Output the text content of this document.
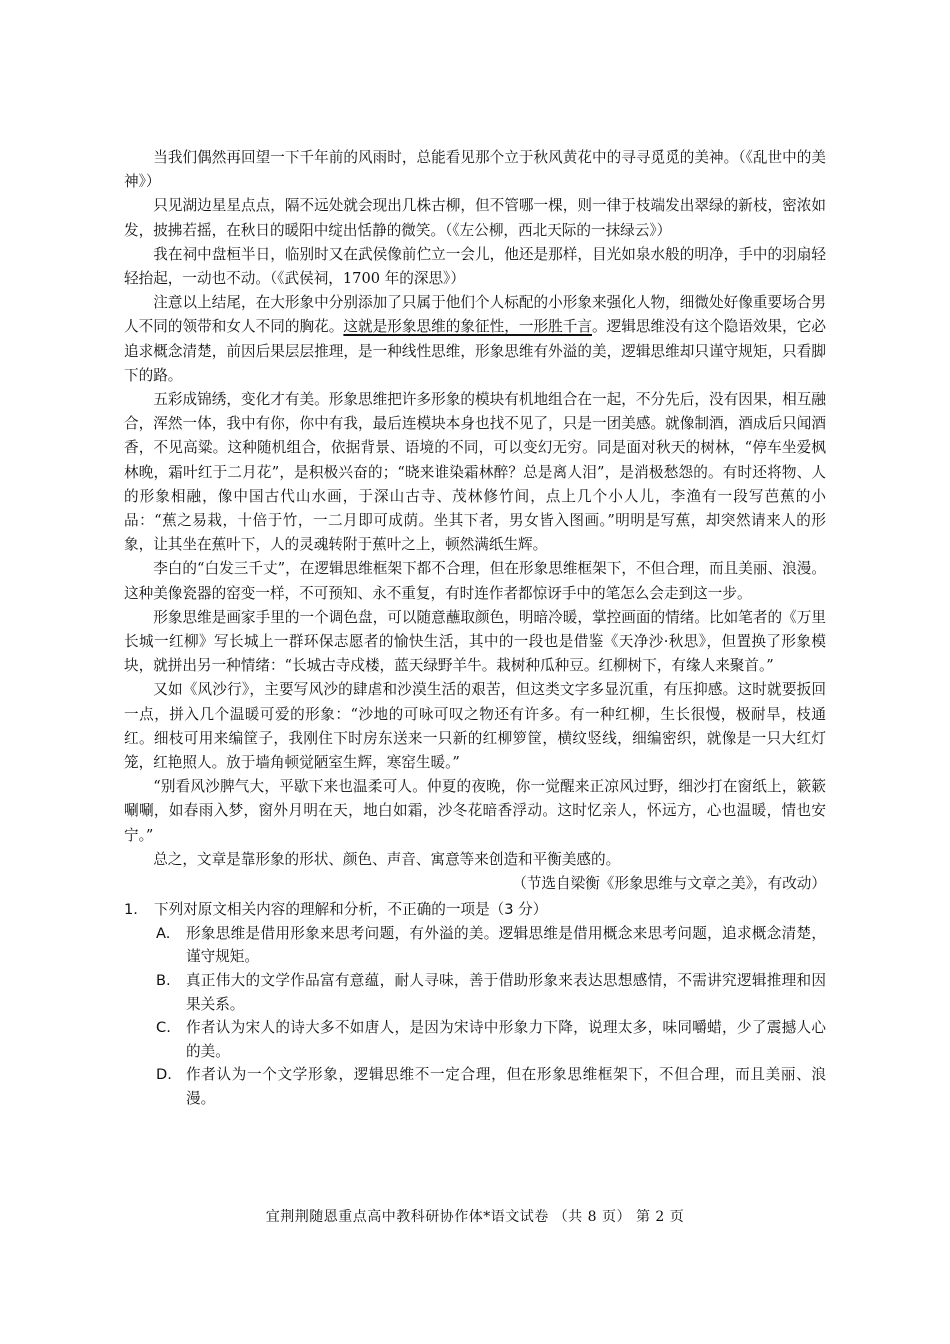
当我们偶然再回望一下千年前的风雨时，总能看见那个立于秋风黄花中的寻寻觅觅的美神。（《乱世中的美神》）

只见湖边星星点点，隔不远处就会现出几株古柳，但不管哪一棵，则一律于枝端发出翠绿的新枝，密浓如发，披拂若摇，在秋日的暖阳中绽出恬静的微笑。（《左公柳，西北天际的一抹绿云》）

我在祠中盘桓半日，临别时又在武侯像前伫立一会儿，他还是那样，目光如泉水般的明净，手中的羽扇轻轻抬起，一动也不动。（《武侯祠，1700 年的深思》）

注意以上结尾，在大形象中分别添加了只属于他们个人标配的小形象来强化人物，细微处好像重要场合男人不同的领带和女人不同的胸花。这就是形象思维的象征性，一形胜千言。逻辑思维没有这个隐语效果，它必追求概念清楚，前因后果层层推理，是一种线性思维，形象思维有外溢的美，逻辑思维却只谨守规矩，只看脚下的路。

五彩成锦绣，变化才有美。形象思维把许多形象的模块有机地组合在一起，不分先后，没有因果，相互融合，浑然一体，我中有你，你中有我，最后连模块本身也找不见了，只是一团美感。就像制酒，酒成后只闻酒香，不见高粱。这种随机组合，依据背景、语境的不同，可以变幻无穷。同是面对秋天的树林，“停车坐爱枫林晚，霜叶红于二月花”，是积极兴奋的；“晓来谁染霜林醉？总是离人泪”，是消极愁怨的。有时还将物、人的形象相融，像中国古代山水画，于深山古寺、茂林修竹间，点上几个小人儿，李渔有一段写芭蕉的小品：“蕉之易栽，十倍于竹，一二月即可成荫。坐其下者，男女皆入图画。”明明是写蕉，却突然请来人的形象，让其坐在蕉叶下，人的灵魂转附于蕉叶之上，顿然满纸生辉。

李白的“白发三千丈”，在逻辑思维框架下都不合理，但在形象思维框架下，不但合理，而且美丽、浪漫。这种美像瓷器的窑变一样，不可预知、永不重复，有时连作者都惊讶手中的笔怎么会走到这一步。

形象思维是画家手里的一个调色盘，可以随意蘸取颜色，明暗冷暖，掌控画面的情绪。比如笔者的《万里长城一红柳》写长城上一群环保志愿者的愉快生活，其中的一段也是借鉴《天净沙·秋思》，但置换了形象模块，就拼出另一种情绪：“长城古寺戍楼，蓝天绿野羊牛。栽树种瓜种豆。红柳树下，有缘人来聚首。”

又如《风沙行》，主要写风沙的肆虐和沙漠生活的艰苦，但这类文字多显沉重，有压抑感。这时就要扳回一点，拼入几个温暖可爱的形象：“沙地的可咏可叹之物还有许多。有一种红柳，生长很慢，极耐旱，枝通红。细枝可用来编筐子，我刚住下时房东送来一只新的红柳箩筐，横纹竖线，细编密织，就像是一只大红灯笼，红艳照人。放于墙角顿觉陋室生辉，寒窑生暖。”

“别看风沙脾气大，平歇下来也温柔可人。仲夏的夜晚，你一觉醒来正凉风过野，细沙打在窗纸上，簌簌唰唰，如春雨入梦，窗外月明在天，地白如霜，沙冬花暗香浮动。这时忆亲人，怀远方，心也温暖，情也安宁。”

总之，文章是靠形象的形状、颜色、声音、寓意等来创造和平衡美感的。

（节选自梁衡《形象思维与文章之美》，有改动）

1.	下列对原文相关内容的理解和分析，不正确的一项是（3 分）
A.	形象思维是借用形象来思考问题，有外溢的美。逻辑思维是借用概念来思考问题，追求概念清楚，谨守规矩。
B.	真正伟大的文学作品富有意蕴，耐人寻味，善于借助形象来表达思想感情，不需讲究逻辑推理和因果关系。
C.	作者认为宋人的诗大多不如唐人，是因为宋诗中形象力下降，说理太多，味同嚼蜡，少了震撼人心的美。
D. 作者认为一个文学形象，逻辑思维不一定合理，但在形象思维框架下，不但合理，而且美丽、浪漫。
宜荆荆随恩重点高中教科研协作体*语文试卷 （共 8 页） 第 2 页
